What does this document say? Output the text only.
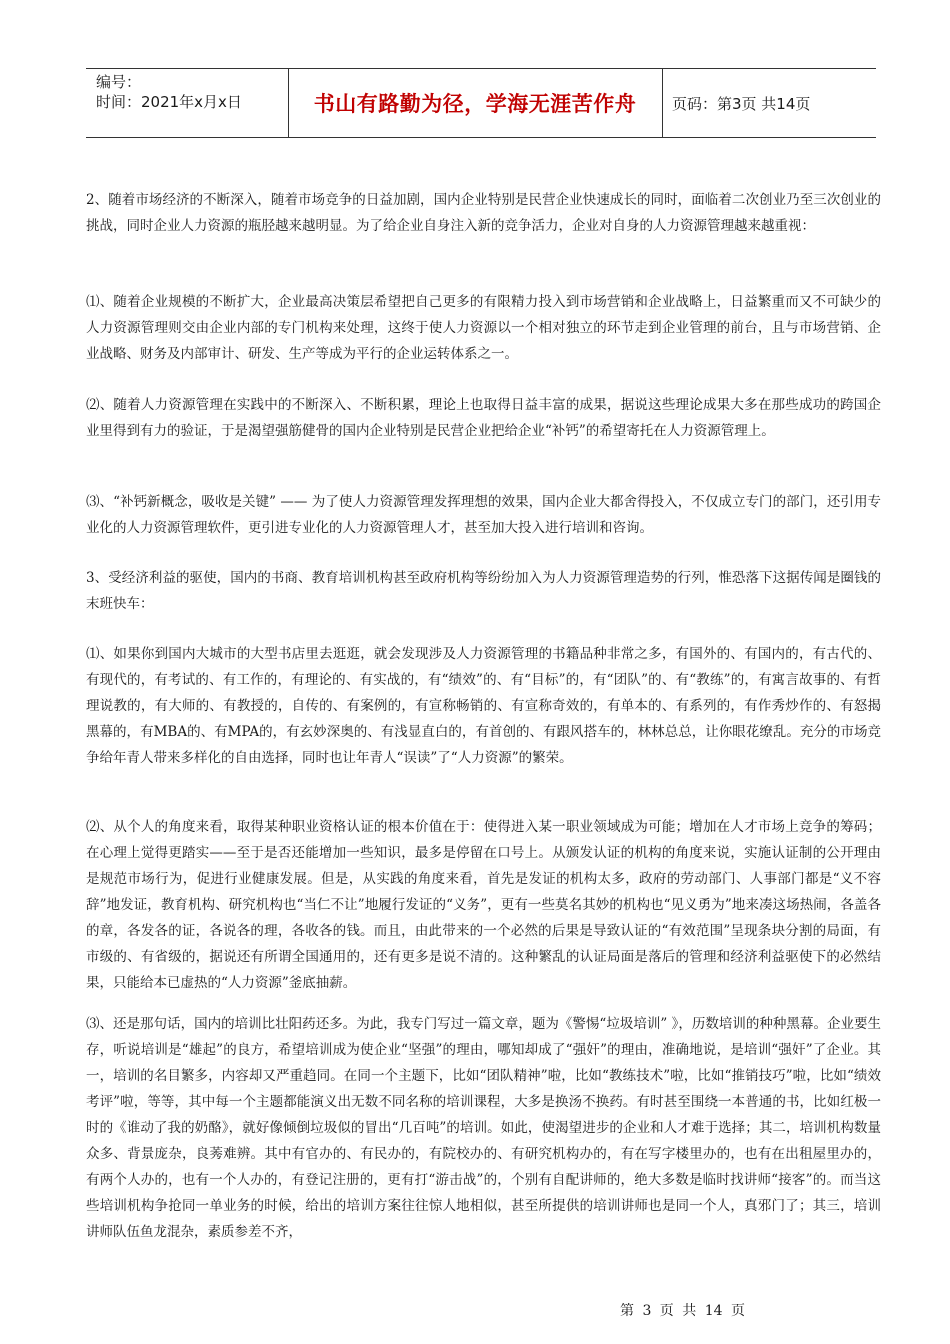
编号：
时间：2021年x月x日	书山有路勤为径，学海无涯苦作舟 页码：第3页 共14页

2、随着市场经济的不断深入，随着市场竞争的日益加剧，国内企业特别是民营企业快速成长的同时，面临着二次创业乃至三次创业的挑战，同时企业人力资源的瓶胫越来越明显。为了给企业自身注入新的竞争活力，企业对自身的人力资源管理越来越重视：

⑴、随着企业规模的不断扩大，企业最高决策层希望把自己更多的有限精力投入到市场营销和企业战略上，日益繁重而又不可缺少的人力资源管理则交由企业内部的专门机构来处理，这终于使人力资源以一个相对独立的环节走到企业管理的前台，且与市场营销、企业战略、财务及内部审计、研发、生产等成为平行的企业运转体系之一。

⑵、随着人力资源管理在实践中的不断深入、不断积累，理论上也取得日益丰富的成果，据说这些理论成果大多在那些成功的跨国企业里得到有力的验证，于是渴望强筋健骨的国内企业特别是民营企业把给企业“补钙”的希望寄托在人力资源管理上。

⑶、“补钙新概念，吸收是关键” —— 为了使人力资源管理发挥理想的效果，国内企业大都舍得投入，不仅成立专门的部门，还引用专业化的人力资源管理软件，更引进专业化的人力资源管理人才，甚至加大投入进行培训和咨询。

3、受经济利益的驱使，国内的书商、教育培训机构甚至政府机构等纷纷加入为人力资源管理造势的行列，惟恐落下这据传闻是圈钱的末班快车：

⑴、如果你到国内大城市的大型书店里去逛逛，就会发现涉及人力资源管理的书籍品种非常之多，有国外的、有国内的，有古代的、有现代的，有考试的、有工作的，有理论的、有实战的，有“绩效”的、有“目标”的，有“团队”的、有“教练”的，有寓言故事的、有哲理说教的，有大师的、有教授的，自传的、有案例的，有宣称畅销的、有宣称奇效的，有单本的、有系列的，有作秀炒作的、有怒揭黑幕的，有MBA的、有MPA的，有玄妙深奥的、有浅显直白的，有首创的、有跟风搭车的，林林总总，让你眼花缭乱。充分的市场竞争给年青人带来多样化的自由选择，同时也让年青人“误读”了“人力资源”的繁荣。

⑵、从个人的角度来看，取得某种职业资格认证的根本价值在于：使得进入某一职业领域成为可能；增加在人才市场上竞争的筹码；在心理上觉得更踏实——至于是否还能增加一些知识，最多是停留在口号上。从颁发认证的机构的角度来说，实施认证制的公开理由是规范市场行为，促进行业健康发展。但是，从实践的角度来看，首先是发证的机构太多，政府的劳动部门、人事部门都是“义不容辞”地发证，教育机构、研究机构也“当仁不让”地履行发证的“义务”，更有一些莫名其妙的机构也“见义勇为”地来凑这场热闹，各盖各的章，各发各的证，各说各的理，各收各的钱。而且，由此带来的一个必然的后果是导致认证的“有效范围”呈现条块分割的局面，有市级的、有省级的，据说还有所谓全国通用的，还有更多是说不清的。这种繁乱的认证局面是落后的管理和经济利益驱使下的必然结果，只能给本已虚热的“人力资源”釜底抽薪。

⑶、还是那句话，国内的培训比壮阳药还多。为此，我专门写过一篇文章，题为《警惕“垃圾培训” 》，历数培训的种种黑幕。企业要生存，听说培训是“雄起”的良方，希望培训成为使企业“坚强”的理由，哪知却成了“强奸”的理由，准确地说，是培训“强奸”了企业。其一，培训的名目繁多，内容却又严重趋同。在同一个主题下，比如“团队精神”啦，比如“教练技术”啦，比如“推销技巧”啦，比如“绩效考评”啦，等等，其中每一个主题都能演义出无数不同名称的培训课程，大多是换汤不换药。有时甚至围绕一本普通的书，比如红极一时的《谁动了我的奶酪》，就好像倾倒垃圾似的冒出“几百吨”的培训。如此，使渴望进步的企业和人才难于选择；其二，培训机构数量众多、背景庞杂，良莠难辨。其中有官办的、有民办的，有院校办的、有研究机构办的，有在写字楼里办的，也有在出租屋里办的，有两个人办的，也有一个人办的，有登记注册的，更有打“游击战”的，个别有自配讲师的，绝大多数是临时找讲师“接客”的。而当这些培训机构争抢同一单业务的时候，给出的培训方案往往惊人地相似，甚至所提供的培训讲师也是同一个人，真邪门了；其三，培训讲师队伍鱼龙混杂，素质参差不齐，

第 3 页 共 14 页
